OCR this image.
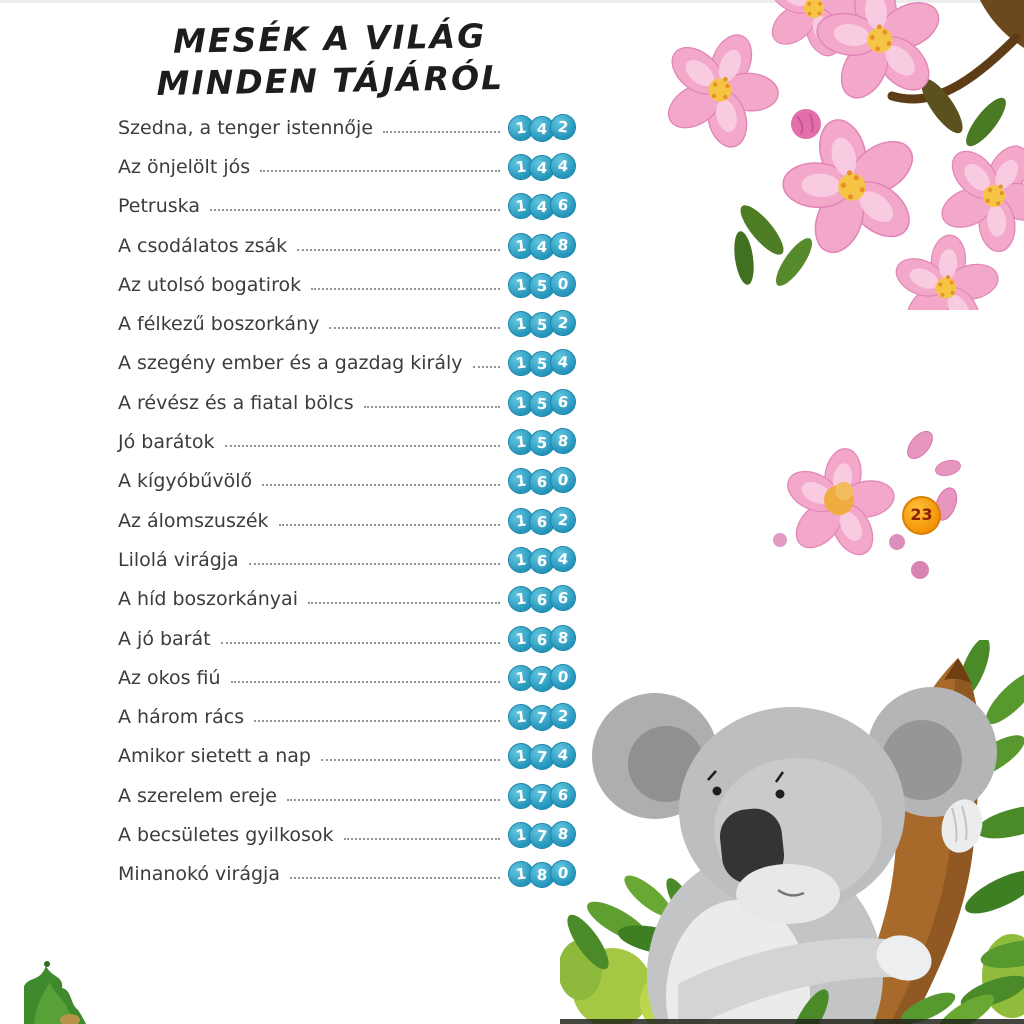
23
MESÉK A VILÁG
MINDEN TÁJÁRÓL
Szedna, a tenger istennője	1 4 2
Az önjelölt jós	1 4 4
Petruska	1 4 6
A csodálatos zsák	1 4 8
Az utolsó bogatirok	1 5 0
A félkezű boszorkány	1 5 2
A szegény ember és a gazdag király	1 5 4
A révész és a fiatal bölcs	1 5 6
Jó barátok	1 5 8
A kígyóbűvölő	1 6 0
Az álomszuszék	1 6 2
Lilolá virágja	1 6 4
A híd boszorkányai	1 6 6
A jó barát	1 6 8
Az okos fiú	1 7 0
A három rács	1 7 2
Amikor sietett a nap	1 7 4
A szerelem ereje	1 7 6
A becsületes gyilkosok	1 7 8
Minanokó virágja	1 8 0
